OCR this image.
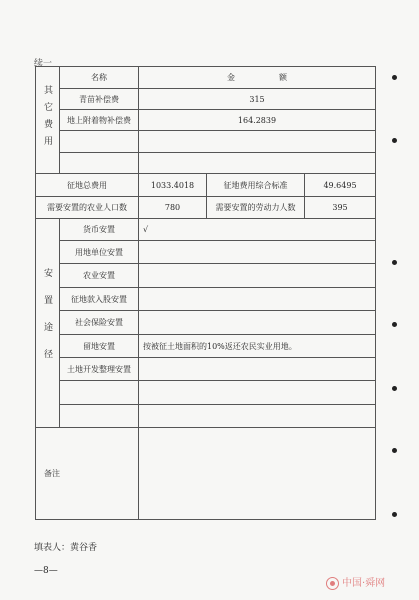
续一
其它费用	名称	金 额		
	青苗补偿费	315		
	地上附着物补偿费	164.2839		

征地总费用		1033.4018	征地费用综合标准	49.6495
需要安置的农业人口数		780	需要安置的劳动力人数	395
安置途径	货币安置	√		
	用地单位安置			
	农业安置			
	征地款入股安置			
	社会保险安置			
	留地安置	按被征土地面积的10%返还农民实业用地。		
	土地开发整理安置			

备注				
填表人：黄谷香
—8—
中国·舜网
